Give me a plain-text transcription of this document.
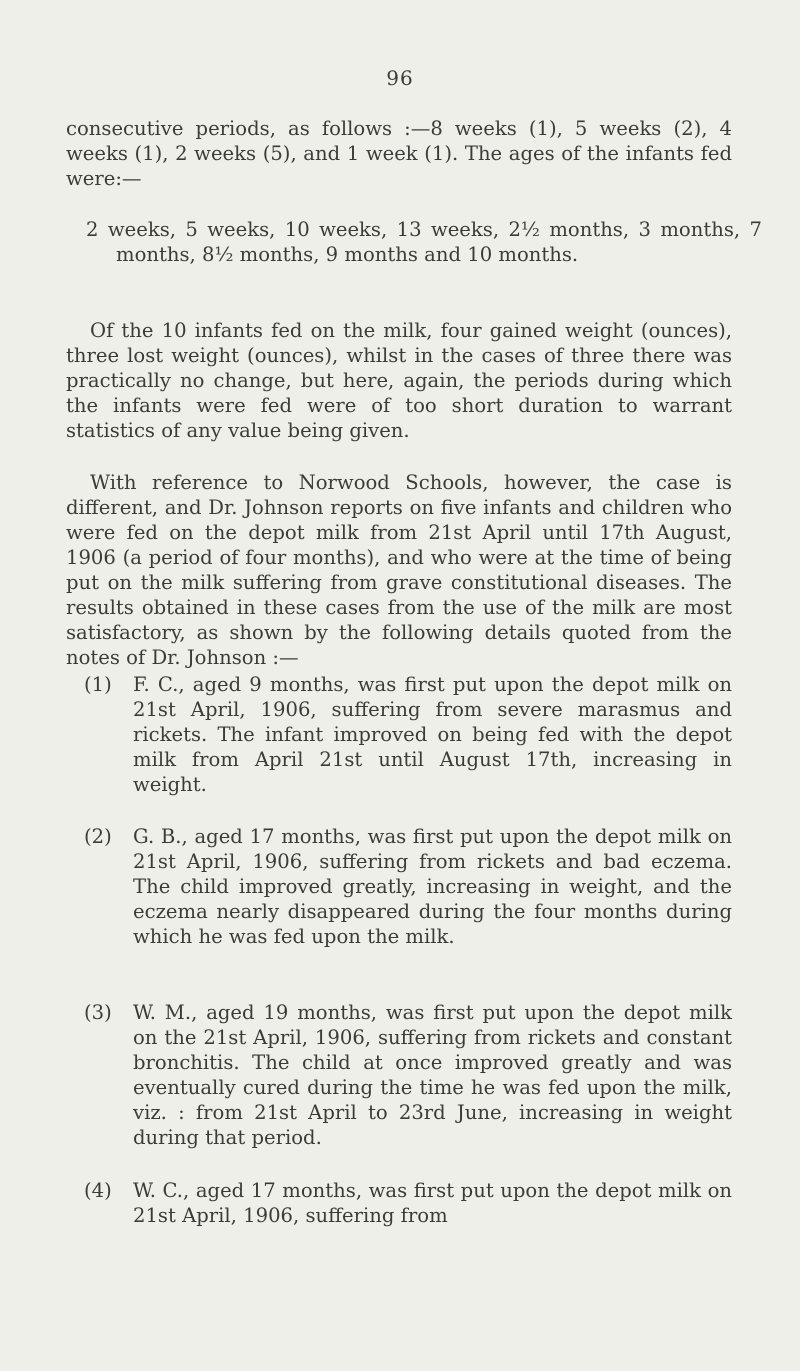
96

consecutive periods, as follows :—8 weeks (1), 5 weeks (2), 4 weeks (1), 2 weeks (5), and 1 week (1). The ages of the infants fed were:—

2 weeks, 5 weeks, 10 weeks, 13 weeks, 2½ months, 3 months, 7 months, 8½ months, 9 months and 10 months.

Of the 10 infants fed on the milk, four gained weight (ounces), three lost weight (ounces), whilst in the cases of three there was practically no change, but here, again, the periods during which the infants were fed were of too short duration to warrant statistics of any value being given.

With reference to Norwood Schools, however, the case is different, and Dr. Johnson reports on five infants and children who were fed on the depot milk from 21st April until 17th August, 1906 (a period of four months), and who were at the time of being put on the milk suffering from grave constitutional diseases. The results obtained in these cases from the use of the milk are most satisfactory, as shown by the following details quoted from the notes of Dr. Johnson :—

(1) F. C., aged 9 months, was first put upon the depot milk on 21st April, 1906, suffering from severe marasmus and rickets. The infant improved on being fed with the depot milk from April 21st until August 17th, increasing in weight.

(2) G. B., aged 17 months, was first put upon the depot milk on 21st April, 1906, suffering from rickets and bad eczema. The child improved greatly, increasing in weight, and the eczema nearly disappeared during the four months during which he was fed upon the milk.

(3) W. M., aged 19 months, was first put upon the depot milk on the 21st April, 1906, suffering from rickets and constant bronchitis. The child at once improved greatly and was eventually cured during the time he was fed upon the milk, viz. : from 21st April to 23rd June, increasing in weight during that period.

(4) W. C., aged 17 months, was first put upon the depot milk on 21st April, 1906, suffering from
